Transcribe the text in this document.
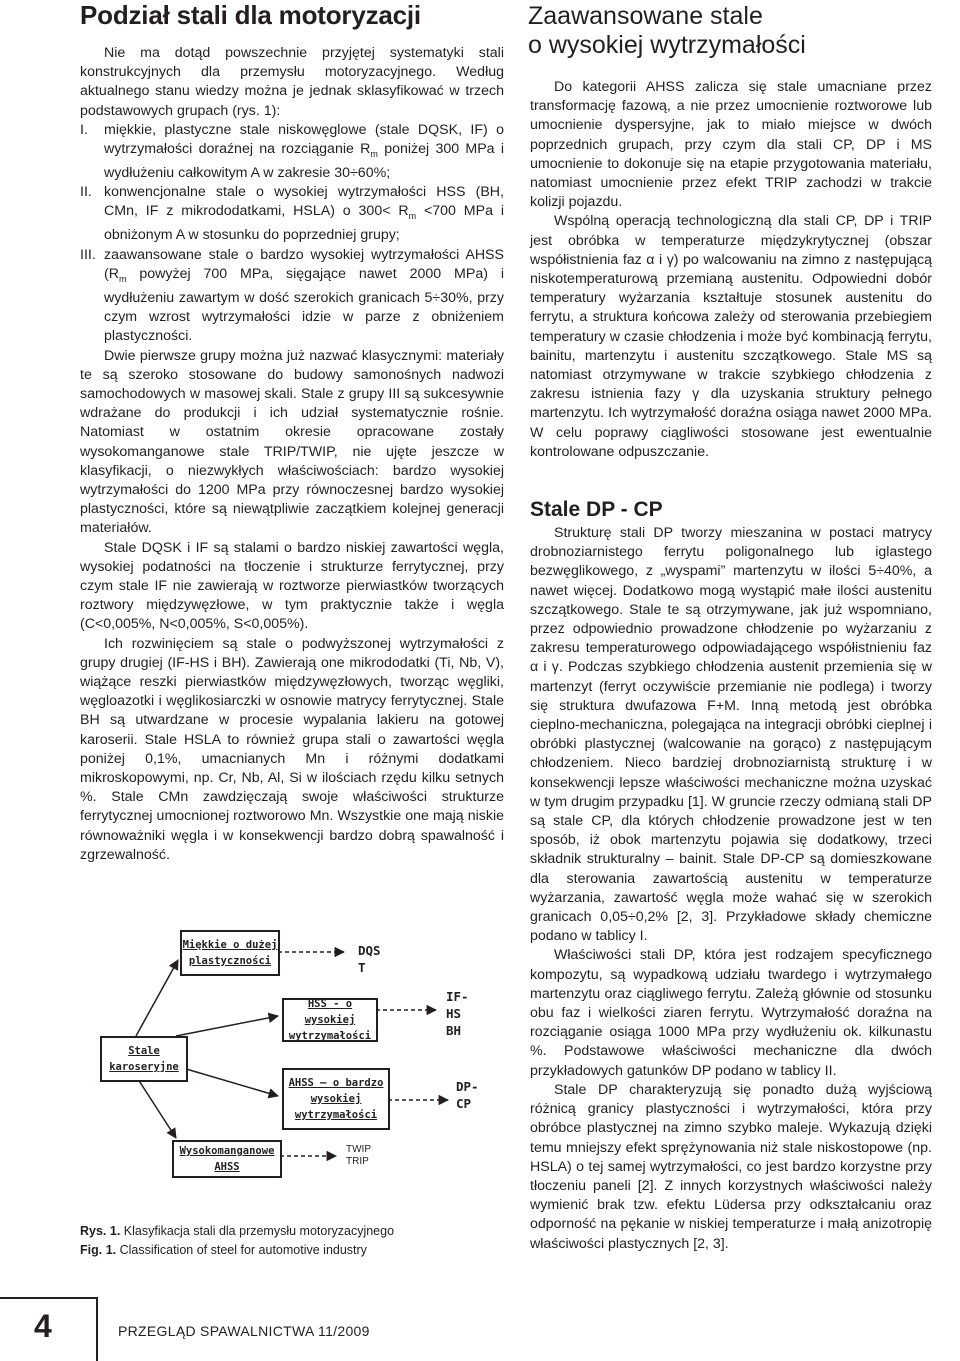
Podział stali dla motoryzacji

Nie ma dotąd powszechnie przyjętej systematyki stali konstrukcyjnych dla przemysłu motoryzacyjnego. Według aktualnego stanu wiedzy można je jednak sklasyfikować w trzech podstawowych grupach (rys. 1):

I.	miękkie, plastyczne stale niskowęglowe (stale DQSK, IF) o wytrzymałości doraźnej na rozciąganie $R_m$ poniżej 300 MPa i wydłużeniu całkowitym A w zakresie 30÷60%;
II. konwencjonalne stale o wysokiej wytrzymałości HSS (BH, CMn, IF z mikrododatkami, HSLA) o $300< R_m <700$ MPa i obniżonym A w stosunku do poprzedniej grupy;
III. zaawansowane stale o bardzo wysokiej wytrzymałości AHSS ($R_m$ powyżej 700 MPa, sięgające nawet 2000 MPa) i wydłużeniu zawartym w dość szerokich granicach 5÷30%, przy czym wzrost wytrzymałości idzie w parze z obniżeniem plastyczności.

Dwie pierwsze grupy można już nazwać klasycznymi: materiały te są szeroko stosowane do budowy samonośnych nadwozi samochodowych w masowej skali. Stale z grupy III są sukcesywnie wdrażane do produkcji i ich udział systematycznie rośnie. Natomiast w ostatnim okresie opracowane zostały wysokomanganowe stale TRIP/TWIP, nie ujęte jeszcze w klasyfikacji, o niezwykłych właściwościach: bardzo wysokiej wytrzymałości do 1200 MPa przy równoczesnej bardzo wysokiej plastyczności, które są niewątpliwie zaczątkiem kolejnej generacji materiałów.

Stale DQSK i IF są stalami o bardzo niskiej zawartości węgla, wysokiej podatności na tłoczenie i strukturze ferrytycznej, przy czym stale IF nie zawierają w roztworze pierwiastków tworzących roztwory międzywęzłowe, w tym praktycznie także i węgla (C<0,005%, N<0,005%, S<0,005%).

Ich rozwinięciem są stale o podwyższonej wytrzymałości z grupy drugiej (IF-HS i BH). Zawierają one mikrododatki (Ti, Nb, V), wiążące reszki pierwiastków międzywęzłowych, tworząc węgliki, węgloazotki i węglikosiarczki w osnowie matrycy ferrytycznej. Stale BH są utwardzane w procesie wypalania lakieru na gotowej karoserii. Stale HSLA to również grupa stali o zawartości węgla poniżej 0,1%, umacnianych Mn i różnymi dodatkami mikroskopowymi, np. Cr, Nb, Al, Si w ilościach rzędu kilku setnych %. Stale CMn zawdzięczają swoje właściwości strukturze ferrytycznej umocnionej roztworowo Mn. Wszystkie one mają niskie równoważniki węgla i w konsekwencji bardzo dobrą spawalność i zgrzewalność.

Miękkie o dużej plastyczności
HSS - o wysokiej wytrzymałości
AHSS – o bardzo wysokiej wytrzymałości
Wysokomanganowe AHSS
Stale karoseryjne
DQS
T
IF-
HS
BH
DP-
CP
TWIP
TRIP
Rys. 1. Klasyfikacja stali dla przemysłu motoryzacyjnego
Fig. 1. Classification of steel for automotive industry
Zaawansowane stale
o wysokiej wytrzymałości

Do kategorii AHSS zalicza się stale umacniane przez transformację fazową, a nie przez umocnienie roztworowe lub umocnienie dyspersyjne, jak to miało miejsce w dwóch poprzednich grupach, przy czym dla stali CP, DP i MS umocnienie to dokonuje się na etapie przygotowania materiału, natomiast umocnienie przez efekt TRIP zachodzi w trakcie kolizji pojazdu.

Wspólną operacją technologiczną dla stali CP, DP i TRIP jest obróbka w temperaturze międzykrytycznej (obszar współistnienia faz α i γ) po walcowaniu na zimno z następującą niskotemperaturową przemianą austenitu. Odpowiedni dobór temperatury wyżarzania kształtuje stosunek austenitu do ferrytu, a struktura końcowa zależy od sterowania przebiegiem temperatury w czasie chłodzenia i może być kombinacją ferrytu, bainitu, martenzytu i austenitu szczątkowego. Stale MS są natomiast otrzymywane w trakcie szybkiego chłodzenia z zakresu istnienia fazy γ dla uzyskania struktury pełnego martenzytu. Ich wytrzymałość doraźna osiąga nawet 2000 MPa. W celu poprawy ciągliwości stosowane jest ewentualnie kontrolowane odpuszczanie.

Stale DP - CP

Strukturę stali DP tworzy mieszanina w postaci matrycy drobnoziarnistego ferrytu poligonalnego lub iglastego bezwęglikowego, z „wyspami” martenzytu w ilości 5÷40%, a nawet więcej. Dodatkowo mogą wystąpić małe ilości austenitu szczątkowego. Stale te są otrzymywane, jak już wspomniano, przez odpowiednio prowadzone chłodzenie po wyżarzaniu z zakresu temperaturowego odpowiadającego współistnieniu faz α i γ. Podczas szybkiego chłodzenia austenit przemienia się w martenzyt (ferryt oczywiście przemianie nie podlega) i tworzy się struktura dwufazowa F+M. Inną metodą jest obróbka cieplno-mechaniczna, polegająca na integracji obróbki cieplnej i obróbki plastycznej (walcowanie na gorąco) z następującym chłodzeniem. Nieco bardziej drobnoziarnistą strukturę i w konsekwencji lepsze właściwości mechaniczne można uzyskać w tym drugim przypadku [1]. W gruncie rzeczy odmianą stali DP są stale CP, dla których chłodzenie prowadzone jest w ten sposób, iż obok martenzytu pojawia się dodatkowy, trzeci składnik strukturalny – bainit. Stale DP-CP są domieszkowane dla sterowania zawartością austenitu w temperaturze wyżarzania, zawartość węgla może wahać się w szerokich granicach 0,05÷0,2% [2, 3]. Przykładowe składy chemiczne podano w tablicy I.

Właściwości stali DP, która jest rodzajem specyficznego kompozytu, są wypadkową udziału twardego i wytrzymałego martenzytu oraz ciągliwego ferrytu. Zależą głównie od stosunku obu faz i wielkości ziaren ferrytu. Wytrzymałość doraźna na rozciąganie osiąga 1000 MPa przy wydłużeniu ok. kilkunastu %. Podstawowe właściwości mechaniczne dla dwóch przykładowych gatunków DP podano w tablicy II.

Stale DP charakteryzują się ponadto dużą wyjściową różnicą granicy plastyczności i wytrzymałości, która przy obróbce plastycznej na zimno szybko maleje. Wykazują dzięki temu mniejszy efekt sprężynowania niż stale niskostopowe (np. HSLA) o tej samej wytrzymałości, co jest bardzo korzystne przy tłoczeniu paneli [2]. Z innych korzystnych właściwości należy wymienić brak tzw. efektu Lüdersa przy odkształcaniu oraz odporność na pękanie w niskiej temperaturze i małą anizotropię właściwości plastycznych [2, 3].

4	PRZEGLĄD SPAWALNICTWA 11/2009
